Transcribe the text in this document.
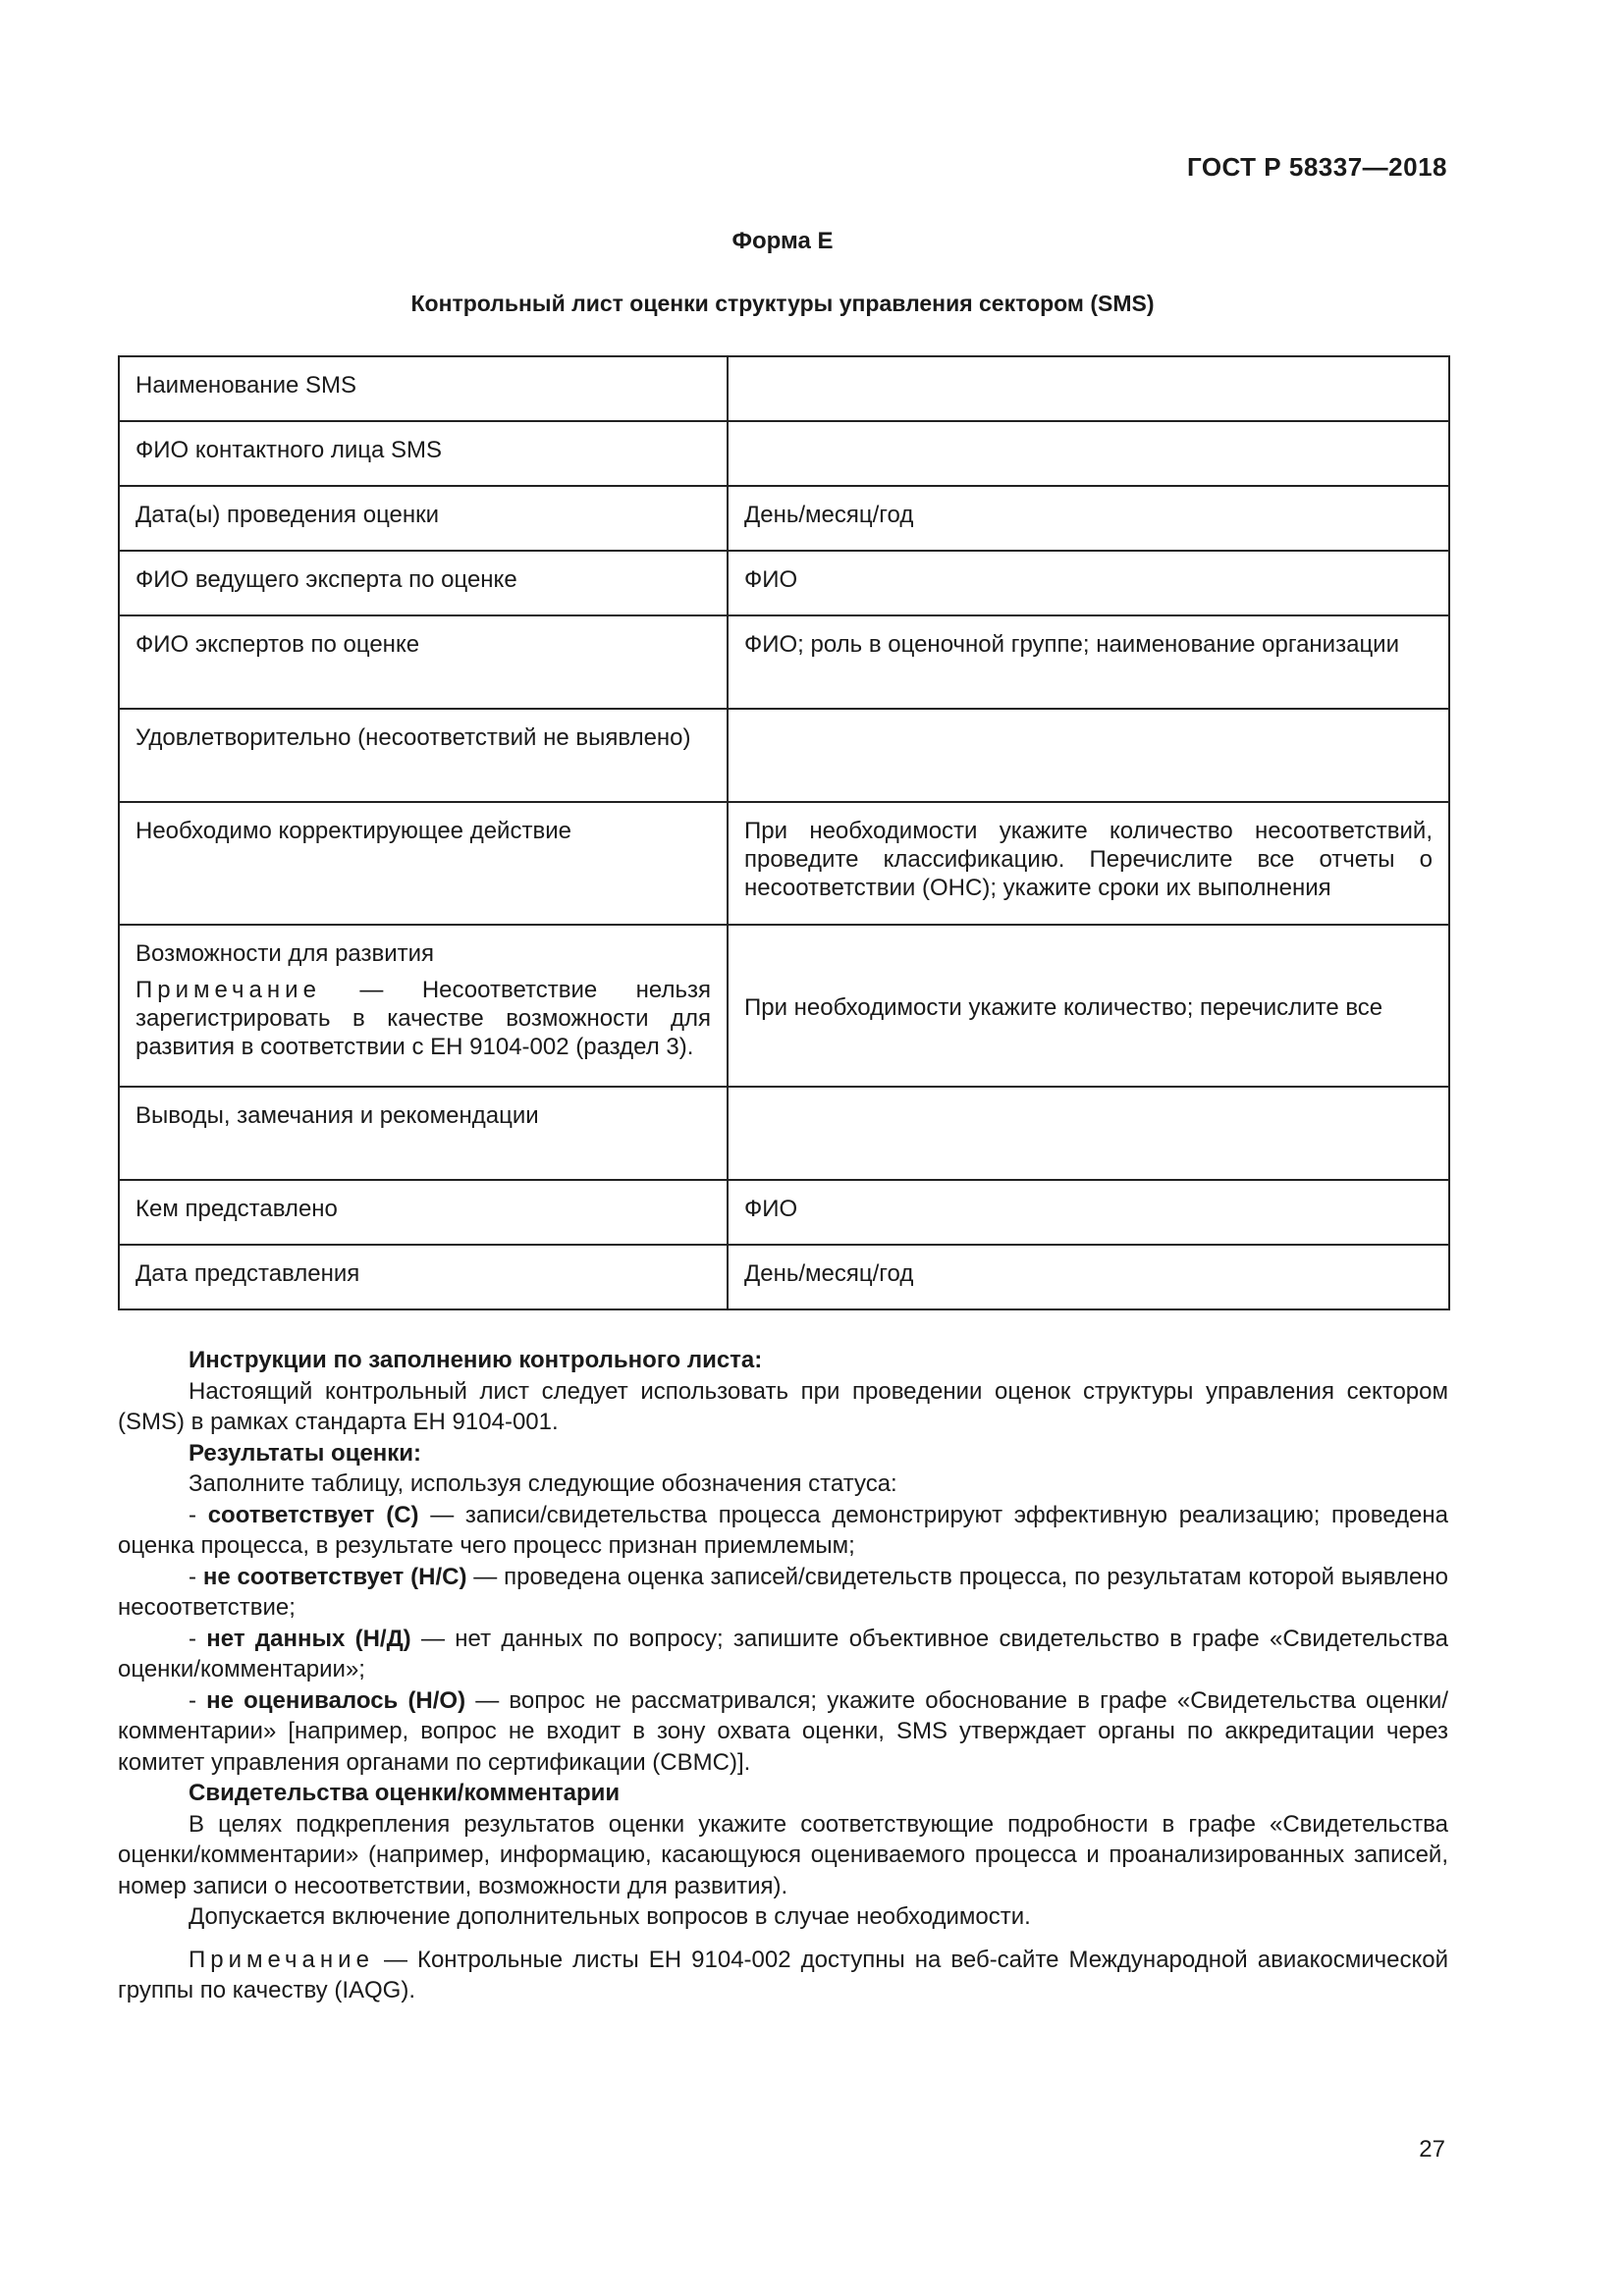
ГОСТ Р 58337—2018
Форма Е
Контрольный лист оценки структуры управления сектором (SMS)
Наименование SMS	
ФИО контактного лица SMS	
Дата(ы) проведения оценки	День/месяц/год
ФИО ведущего эксперта по оценке	ФИО
ФИО экспертов по оценке	ФИО; роль в оценочной группе; наименование организации
Удовлетворительно (несоответствий не выявлено)	
Необходимо корректирующее действие	При необходимости укажите количество несоответствий, проведите классификацию. Перечислите все отчеты о несоответствии (ОНС); укажите сроки их выполнения

Возможности для развития
Примечание — Несоответствие нельзя зарегистрировать в качестве возможности для развития в соответствии с ЕН 9104-002 (раздел 3).	При необходимости укажите количество; перечислите все
Выводы, замечания и рекомендации	
Кем представлено	ФИО
Дата представления	День/месяц/год

Инструкции по заполнению контрольного листа:

Настоящий контрольный лист следует использовать при проведении оценок структуры управления сектором (SMS) в рамках стандарта ЕН 9104-001.

Результаты оценки:

Заполните таблицу, используя следующие обозначения статуса:

- соответствует (С) — записи/свидетельства процесса демонстрируют эффективную реализацию; проведена оценка процесса, в результате чего процесс признан приемлемым;

- не соответствует (Н/С) — проведена оценка записей/свидетельств процесса, по результатам которой выявлено несоответствие;

- нет данных (Н/Д) — нет данных по вопросу; запишите объективное свидетельство в графе «Свидетельства оценки/комментарии»;

- не оценивалось (Н/О) — вопрос не рассматривался; укажите обоснование в графе «Свидетельства оценки/комментарии» [например, вопрос не входит в зону охвата оценки, SMS утверждает органы по аккредитации через комитет управления органами по сертификации (CBMC)].

Свидетельства оценки/комментарии

В целях подкрепления результатов оценки укажите соответствующие подробности в графе «Свидетельства оценки/комментарии» (например, информацию, касающуюся оцениваемого процесса и проанализированных записей, номер записи о несоответствии, возможности для развития).

Допускается включение дополнительных вопросов в случае необходимости.

Примечание — Контрольные листы ЕН 9104-002 доступны на веб-сайте Международной авиакосмической группы по качеству (IAQG).

27
